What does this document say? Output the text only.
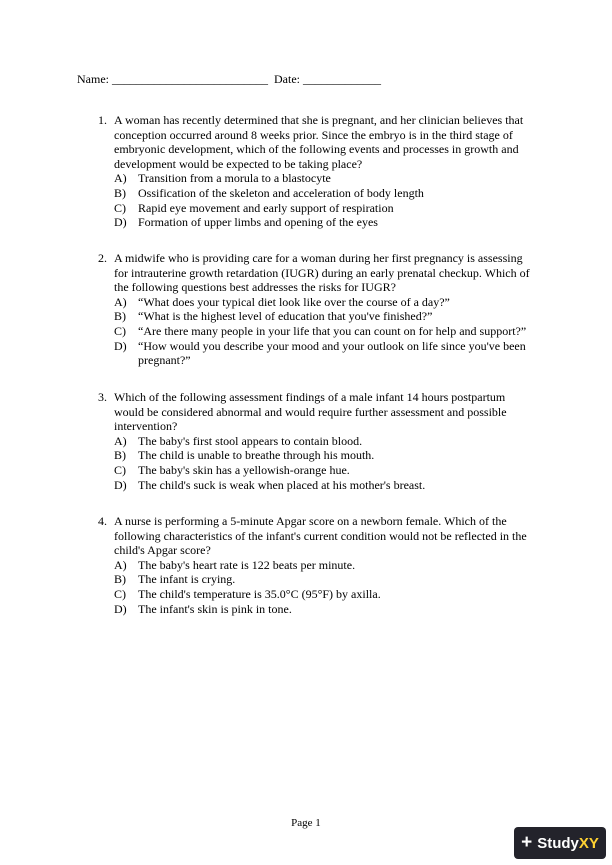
Name: __________________________ Date: _____________
1. A woman has recently determined that she is pregnant, and her clinician believes that conception occurred around 8 weeks prior. Since the embryo is in the third stage of embryonic development, which of the following events and processes in growth and development would be expected to be taking place?
A) Transition from a morula to a blastocyte
B) Ossification of the skeleton and acceleration of body length
C) Rapid eye movement and early support of respiration
D) Formation of upper limbs and opening of the eyes
2. A midwife who is providing care for a woman during her first pregnancy is assessing for intrauterine growth retardation (IUGR) during an early prenatal checkup. Which of the following questions best addresses the risks for IUGR?
A) “What does your typical diet look like over the course of a day?”
B) “What is the highest level of education that you've finished?”
C) “Are there many people in your life that you can count on for help and support?”
D) “How would you describe your mood and your outlook on life since you've been pregnant?”
3. Which of the following assessment findings of a male infant 14 hours postpartum would be considered abnormal and would require further assessment and possible intervention?
A) The baby's first stool appears to contain blood.
B) The child is unable to breathe through his mouth.
C) The baby's skin has a yellowish-orange hue.
D) The child's suck is weak when placed at his mother's breast.
4. A nurse is performing a 5-minute Apgar score on a newborn female. Which of the following characteristics of the infant's current condition would not be reflected in the child's Apgar score?
A) The baby's heart rate is 122 beats per minute.
B) The infant is crying.
C) The child's temperature is 35.0°C (95°F) by axilla.
D) The infant's skin is pink in tone.
Page 1
+ StudyXY
